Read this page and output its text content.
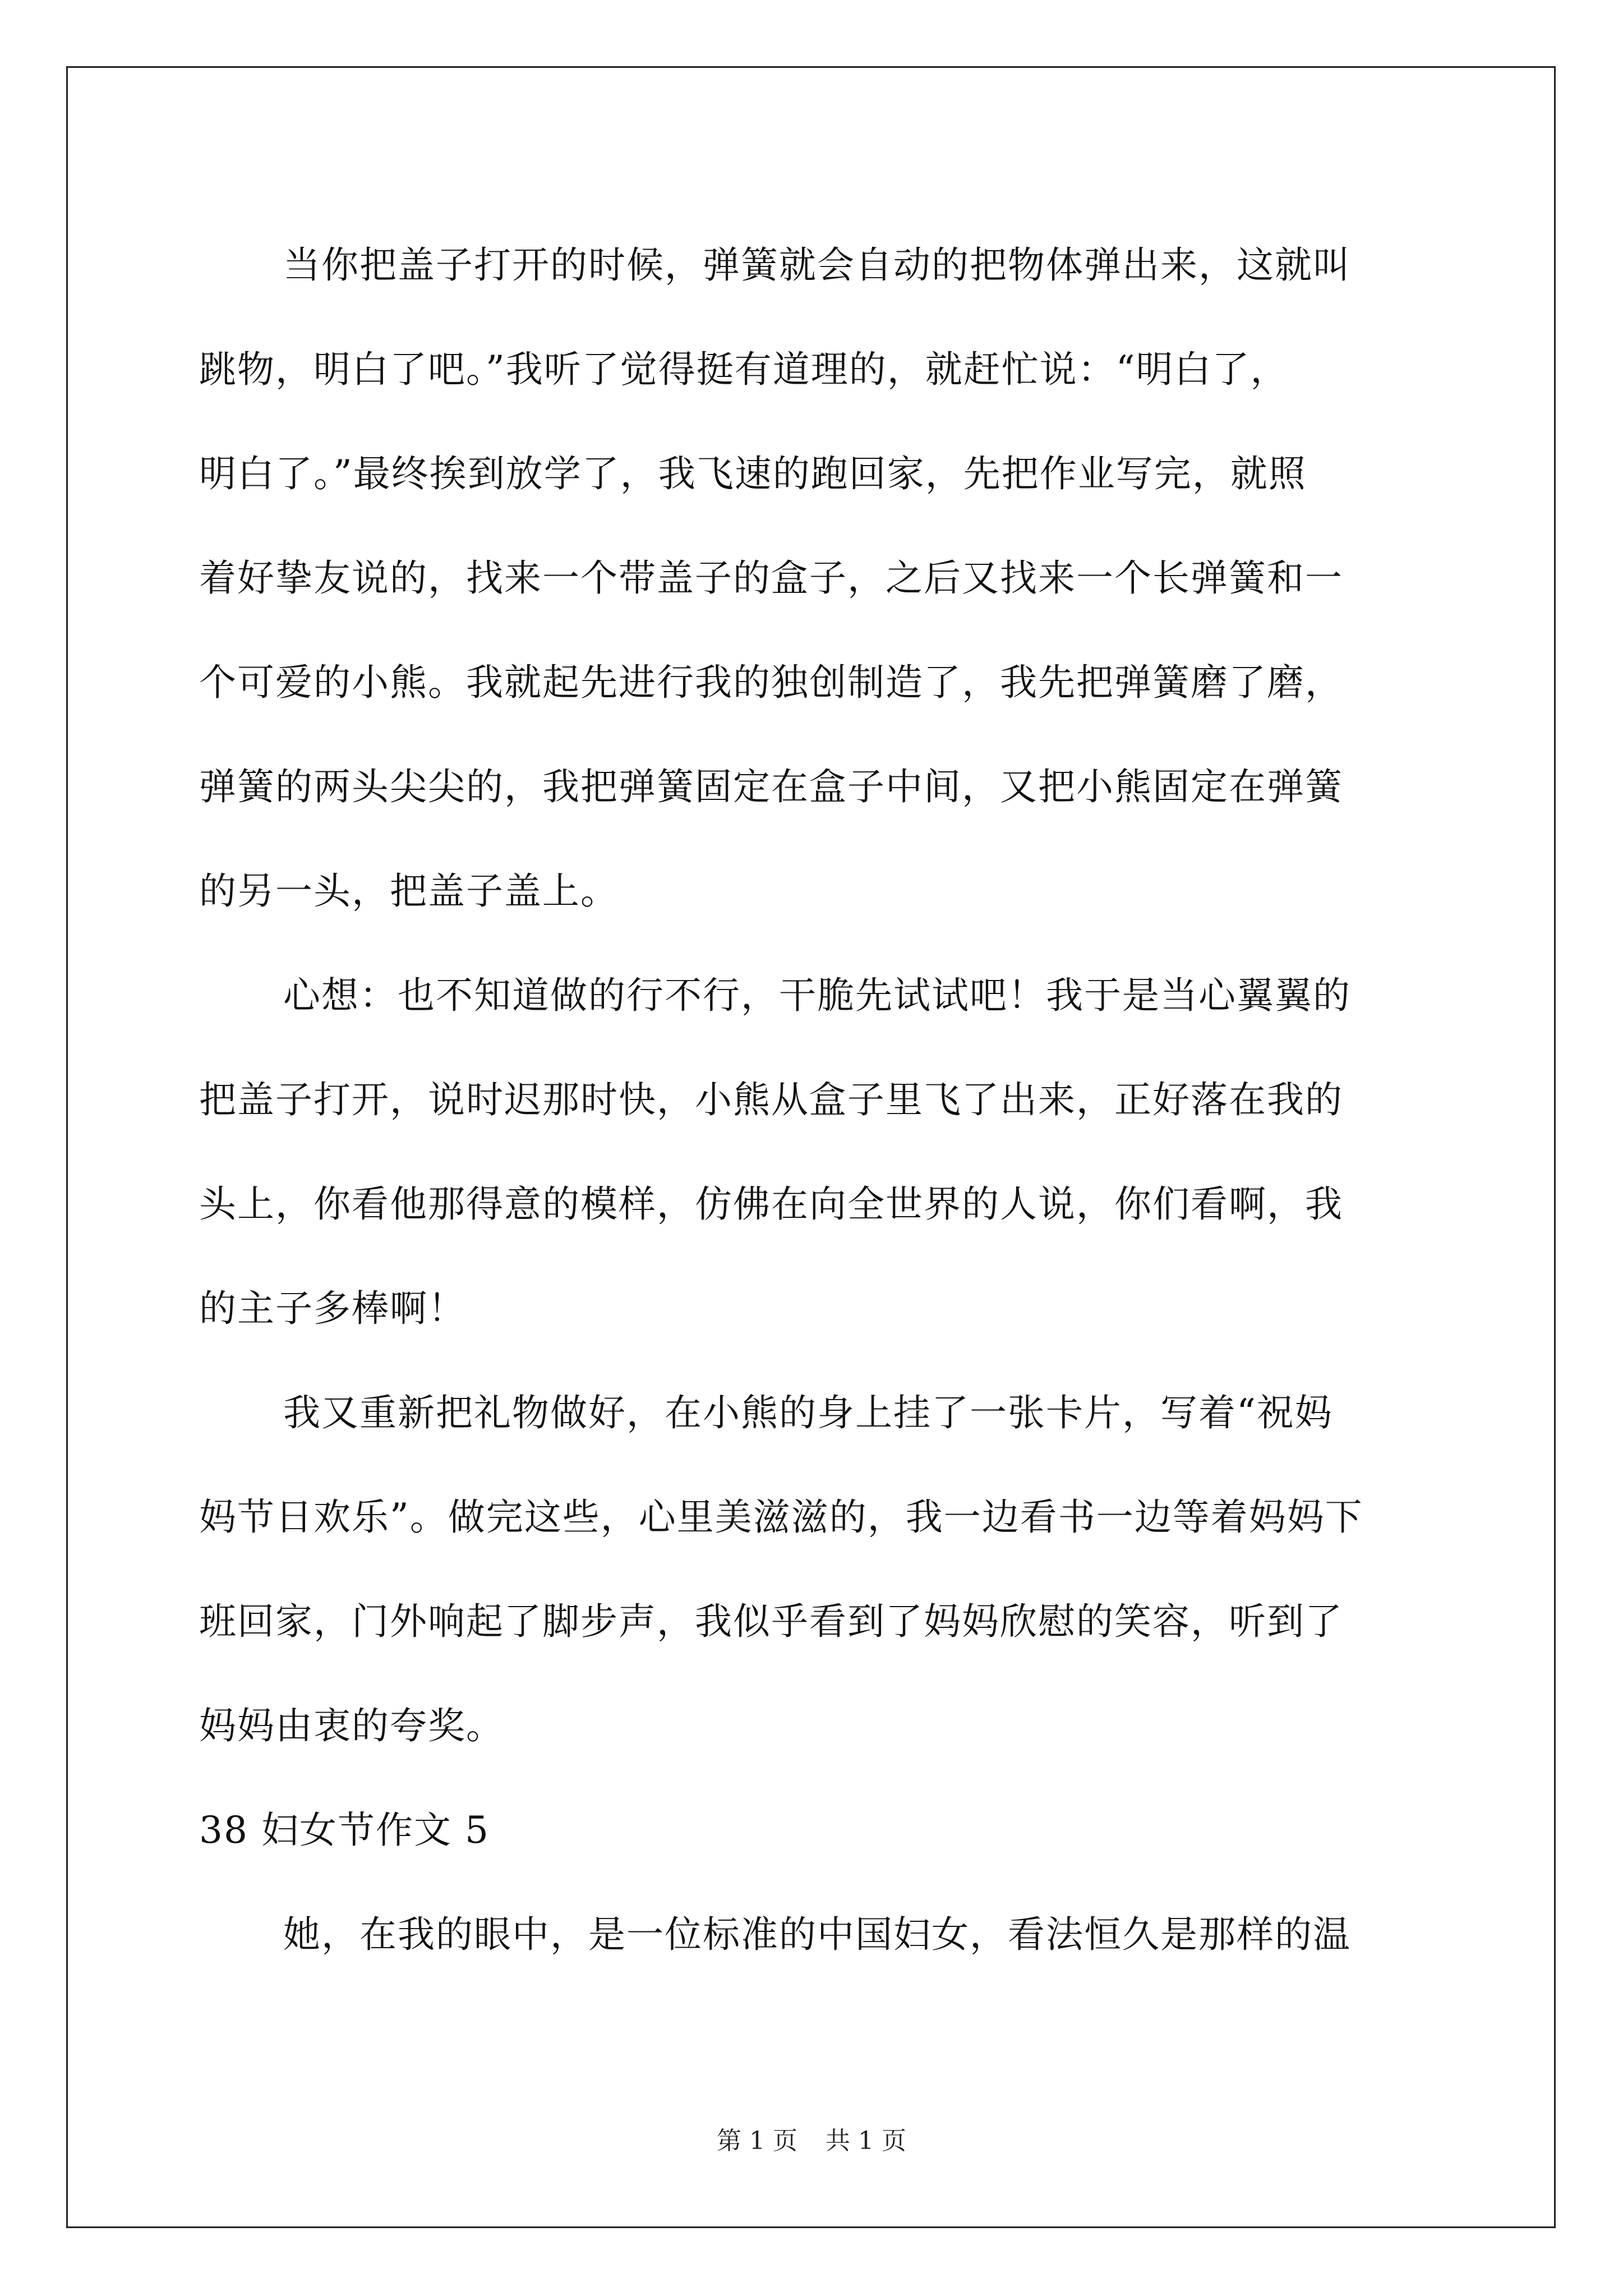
当你把盖子打开的时候，弹簧就会自动的把物体弹出来，这就叫
跳物，明白了吧。”我听了觉得挺有道理的，就赶忙说：“明白了，
明白了。”最终挨到放学了，我飞速的跑回家，先把作业写完，就照
着好挚友说的，找来一个带盖子的盒子，之后又找来一个长弹簧和一
个可爱的小熊。我就起先进行我的独创制造了，我先把弹簧磨了磨，
弹簧的两头尖尖的，我把弹簧固定在盒子中间，又把小熊固定在弹簧
的另一头，把盖子盖上。

心想：也不知道做的行不行，干脆先试试吧！我于是当心翼翼的
把盖子打开，说时迟那时快，小熊从盒子里飞了出来，正好落在我的
头上，你看他那得意的模样，仿佛在向全世界的人说，你们看啊，我
的主子多棒啊！

我又重新把礼物做好，在小熊的身上挂了一张卡片，写着“祝妈
妈节日欢乐”。做完这些，心里美滋滋的，我一边看书一边等着妈妈下
班回家，门外响起了脚步声，我似乎看到了妈妈欣慰的笑容，听到了
妈妈由衷的夸奖。

38 妇女节作文 5

她，在我的眼中，是一位标准的中国妇女，看法恒久是那样的温

第 1 页 共 1 页
